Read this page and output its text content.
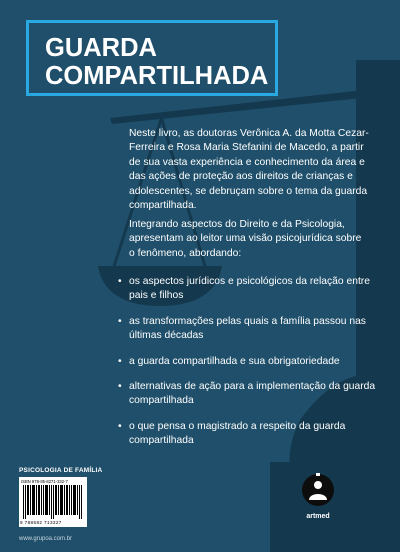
GUARDA
COMPARTILHADA

Neste livro, as doutoras Verônica A. da Motta Cezar-Ferreira e Rosa Maria Stefanini de Macedo, a partir de sua vasta experiência e conhecimento da área e das ações de proteção aos direitos de crianças e adolescentes, se debruçam sobre o tema da guarda compartilhada.

Integrando aspectos do Direito e da Psicologia, apresentam ao leitor uma visão psicojurídica sobre o fenômeno, abordando:

• os aspectos jurídicos e psicológicos da relação entre pais e filhos
• as transformações pelas quais a família passou nas últimas décadas
• a guarda compartilhada e sua obrigatoriedade
• alternativas de ação para a implementação da guarda compartilhada
• o que pensa o magistrado a respeito da guarda compartilhada
PSICOLOGIA DE FAMÍLIA
ISBN 978-85-8271-332-7
9 788582 713327
artmed
www.grupoa.com.br
